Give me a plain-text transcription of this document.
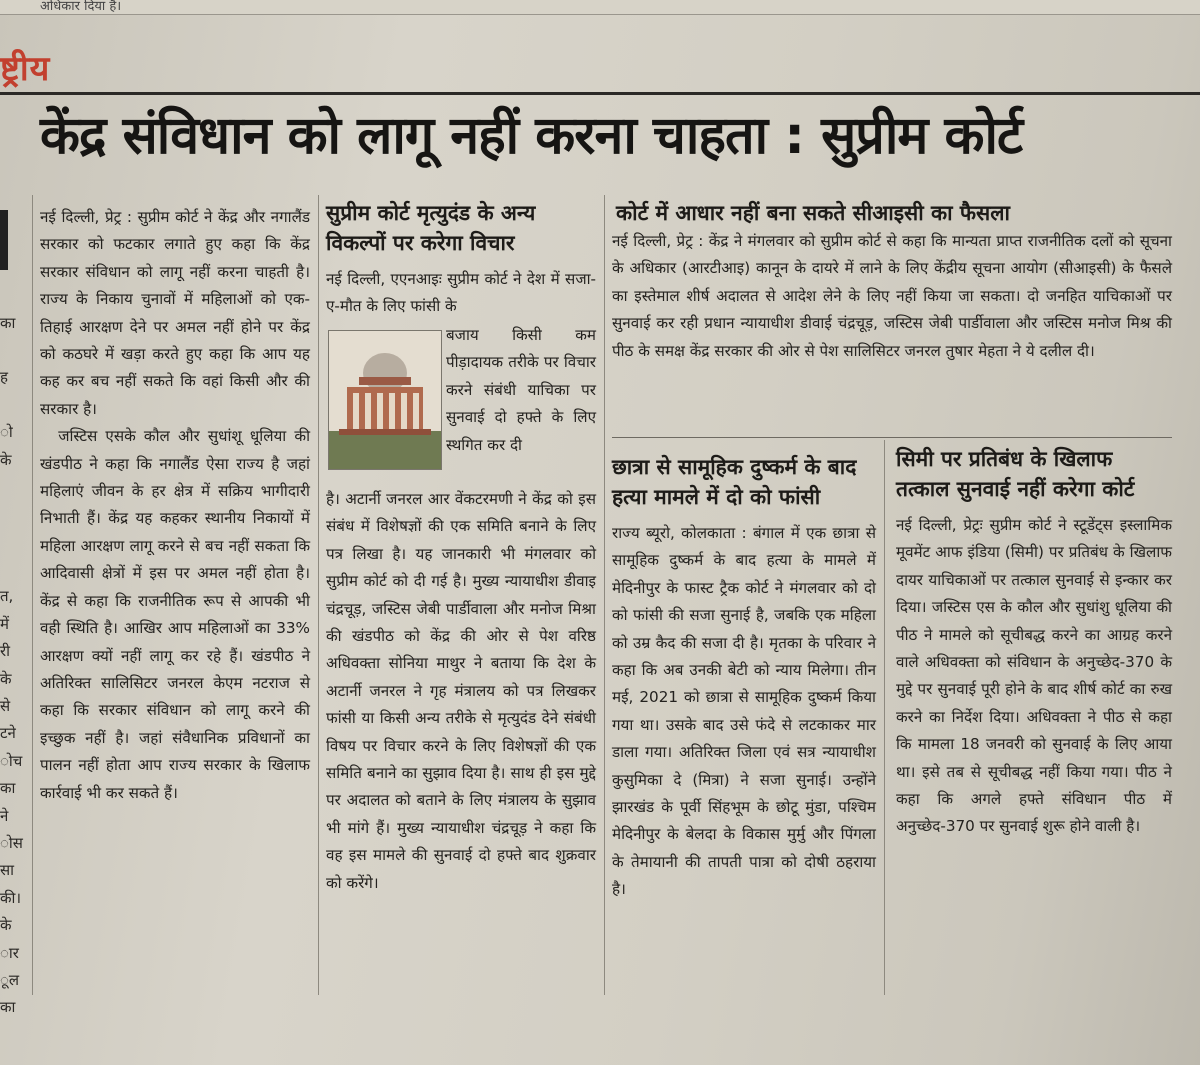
अधिकार दिया है।
ष्ट्रीय
केंद्र संविधान को लागू नहीं करना चाहता : सुप्रीम कोर्ट
का
ह
ो
के
त,
में
री
के
से
टने
ोच
का
ने
ोस
सा
की।
के
ार
ूल
का

नई दिल्ली, प्रेट्र : सुप्रीम कोर्ट ने केंद्र और नगालैंड सरकार को फटकार लगाते हुए कहा कि केंद्र सरकार संविधान को लागू नहीं करना चाहती है। राज्य के निकाय चुनावों में महिलाओं को एक-तिहाई आरक्षण देने पर अमल नहीं होने पर केंद्र को कठघरे में खड़ा करते हुए कहा कि आप यह कह कर बच नहीं सकते कि वहां किसी और की सरकार है।

जस्टिस एसके कौल और सुधांशू धूलिया की खंडपीठ ने कहा कि नगालैंड ऐसा राज्य है जहां महिलाएं जीवन के हर क्षेत्र में सक्रिय भागीदारी निभाती हैं। केंद्र यह कहकर स्थानीय निकायों में महिला आरक्षण लागू करने से बच नहीं सकता कि आदिवासी क्षेत्रों में इस पर अमल नहीं होता है। केंद्र से कहा कि राजनीतिक रूप से आपकी भी वही स्थिति है। आखिर आप महिलाओं का 33% आरक्षण क्यों नहीं लागू कर रहे हैं। खंडपीठ ने अतिरिक्त सालिसिटर जनरल केएम नटराज से कहा कि सरकार संविधान को लागू करने की इच्छुक नहीं है। जहां संवैधानिक प्रविधानों का पालन नहीं होता आप राज्य सरकार के खिलाफ कार्रवाई भी कर सकते हैं।

सुप्रीम कोर्ट मृत्युदंड के अन्य विकल्पों पर करेगा विचार
नई दिल्ली, एएनआइः सुप्रीम कोर्ट ने देश में सजा-ए-मौत के लिए फांसी के
बजाय किसी कम पीड़ादायक तरीके पर विचार करने संबंधी याचिका पर सुनवाई दो हफ्ते के लिए स्थगित कर दी
है। अटार्नी जनरल आर वेंकटरमणी ने केंद्र को इस संबंध में विशेषज्ञों की एक समिति बनाने के लिए पत्र लिखा है। यह जानकारी भी मंगलवार को सुप्रीम कोर्ट को दी गई है। मुख्य न्यायाधीश डीवाइ चंद्रचूड़, जस्टिस जेबी पार्डीवाला और मनोज मिश्रा की खंडपीठ को केंद्र की ओर से पेश वरिष्ठ अधिवक्ता सोनिया माथुर ने बताया कि देश के अटार्नी जनरल ने गृह मंत्रालय को पत्र लिखकर फांसी या किसी अन्य तरीके से मृत्युदंड देने संबंधी विषय पर विचार करने के लिए विशेषज्ञों की एक समिति बनाने का सुझाव दिया है। साथ ही इस मुद्दे पर अदालत को बताने के लिए मंत्रालय के सुझाव भी मांगे हैं। मुख्य न्यायाधीश चंद्रचूड़ ने कहा कि वह इस मामले की सुनवाई दो हफ्ते बाद शुक्रवार को करेंगे।
कोर्ट में आधार नहीं बना सकते सीआइसी का फैसला
नई दिल्ली, प्रेट्र : केंद्र ने मंगलवार को सुप्रीम कोर्ट से कहा कि मान्यता प्राप्त राजनीतिक दलों को सूचना के अधिकार (आरटीआइ) कानून के दायरे में लाने के लिए केंद्रीय सूचना आयोग (सीआइसी) के फैसले का इस्तेमाल शीर्ष अदालत से आदेश लेने के लिए नहीं किया जा सकता। दो जनहित याचिकाओं पर सुनवाई कर रही प्रधान न्यायाधीश डीवाई चंद्रचूड़, जस्टिस जेबी पार्डीवाला और जस्टिस मनोज मिश्र की पीठ के समक्ष केंद्र सरकार की ओर से पेश सालिसिटर जनरल तुषार मेहता ने ये दलील दी।
छात्रा से सामूहिक दुष्कर्म के बाद हत्या मामले में दो को फांसी
राज्य ब्यूरो, कोलकाता : बंगाल में एक छात्रा से सामूहिक दुष्कर्म के बाद हत्या के मामले में मेदिनीपुर के फास्ट ट्रैक कोर्ट ने मंगलवार को दो को फांसी की सजा सुनाई है, जबकि एक महिला को उम्र कैद की सजा दी है। मृतका के परिवार ने कहा कि अब उनकी बेटी को न्याय मिलेगा। तीन मई, 2021 को छात्रा से सामूहिक दुष्कर्म किया गया था। उसके बाद उसे फंदे से लटकाकर मार डाला गया। अतिरिक्त जिला एवं सत्र न्यायाधीश कुसुमिका दे (मित्रा) ने सजा सुनाई। उन्होंने झारखंड के पूर्वी सिंहभूम के छोटू मुंडा, पश्चिम मेदिनीपुर के बेलदा के विकास मुर्मु और पिंगला के तेमायानी की तापती पात्रा को दोषी ठहराया है।
सिमी पर प्रतिबंध के खिलाफ तत्काल सुनवाई नहीं करेगा कोर्ट
नई दिल्ली, प्रेट्रः सुप्रीम कोर्ट ने स्टूडेंट्स इस्लामिक मूवमेंट आफ इंडिया (सिमी) पर प्रतिबंध के खिलाफ दायर याचिकाओं पर तत्काल सुनवाई से इन्कार कर दिया। जस्टिस एस के कौल और सुधांशु धूलिया की पीठ ने मामले को सूचीबद्ध करने का आग्रह करने वाले अधिवक्ता को संविधान के अनुच्छेद-370 के मुद्दे पर सुनवाई पूरी होने के बाद शीर्ष कोर्ट का रुख करने का निर्देश दिया। अधिवक्ता ने पीठ से कहा कि मामला 18 जनवरी को सुनवाई के लिए आया था। इसे तब से सूचीबद्ध नहीं किया गया। पीठ ने कहा कि अगले हफ्ते संविधान पीठ में अनुच्छेद-370 पर सुनवाई शुरू होने वाली है।
